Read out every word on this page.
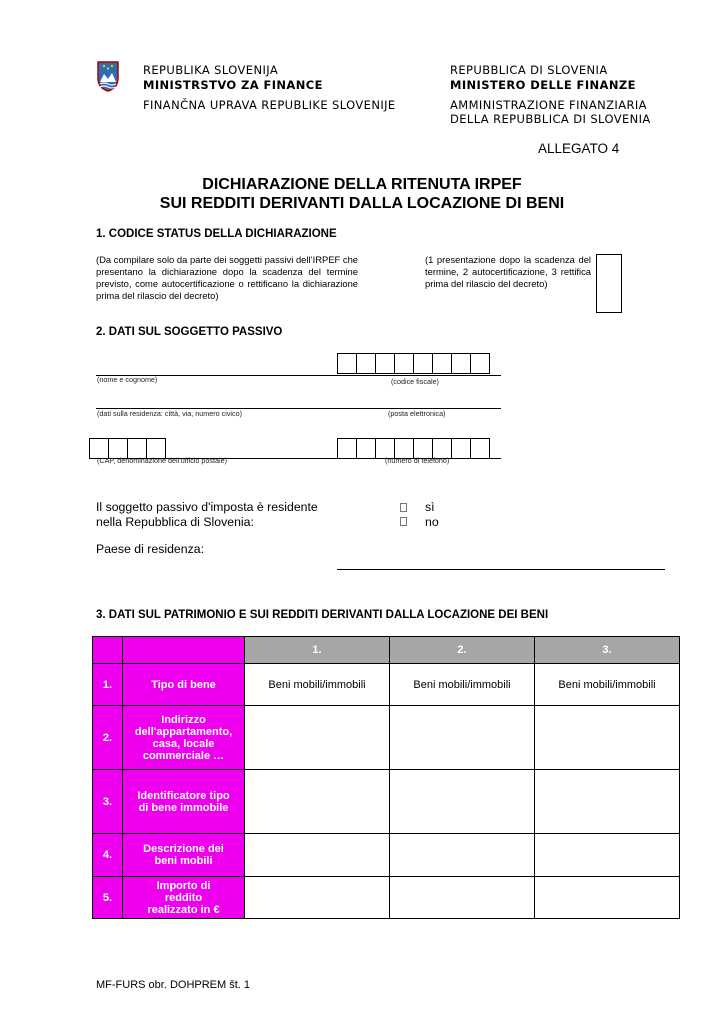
REPUBLIKA SLOVENIJA
MINISTRSTVO ZA FINANCE
FINANČNA UPRAVA REPUBLIKE SLOVENIJE
REPUBBLICA DI SLOVENIA
MINISTERO DELLE FINANZE
AMMINISTRAZIONE FINANZIARIA
DELLA REPUBBLICA DI SLOVENIA
ALLEGATO 4
DICHIARAZIONE DELLA RITENUTA IRPEF
SUI REDDITI DERIVANTI DALLA LOCAZIONE DI BENI
1. CODICE STATUS DELLA DICHIARAZIONE
(Da compilare solo da parte dei soggetti passivi dell’IRPEF che presentano la dichiarazione dopo la scadenza del termine previsto, come autocertificazione o rettificano la dichiarazione prima del rilascio del decreto)
(1 presentazione dopo la scadenza del termine, 2 autocertificazione, 3 rettifica prima del rilascio del decreto)
2. DATI SUL SOGGETTO PASSIVO
(nome e cognome)	(codice fiscale)
(dati sulla residenza: città, via, numero civico)	(posta elettronica)
(CAP, denominazione dell’ufficio postale)	(numero di telefono)
Il soggetto passivo d'imposta è residente
nella Repubblica di Slovenia:
sì
no
Paese di residenza:
3. DATI SUL PATRIMONIO E SUI REDDITI DERIVANTI DALLA LOCAZIONE DEI BENI
		1.	2.	3.
1.	Tipo di bene	Beni mobili/immobili	Beni mobili/immobili	Beni mobili/immobili
2.	Indirizzo dell'appartamento, casa, locale commerciale …			
3.	Identificatore tipo di bene immobile			
4.	Descrizione dei beni mobili			
5.	Importo di reddito realizzato in €			
MF-FURS obr. DOHPREM št. 1
